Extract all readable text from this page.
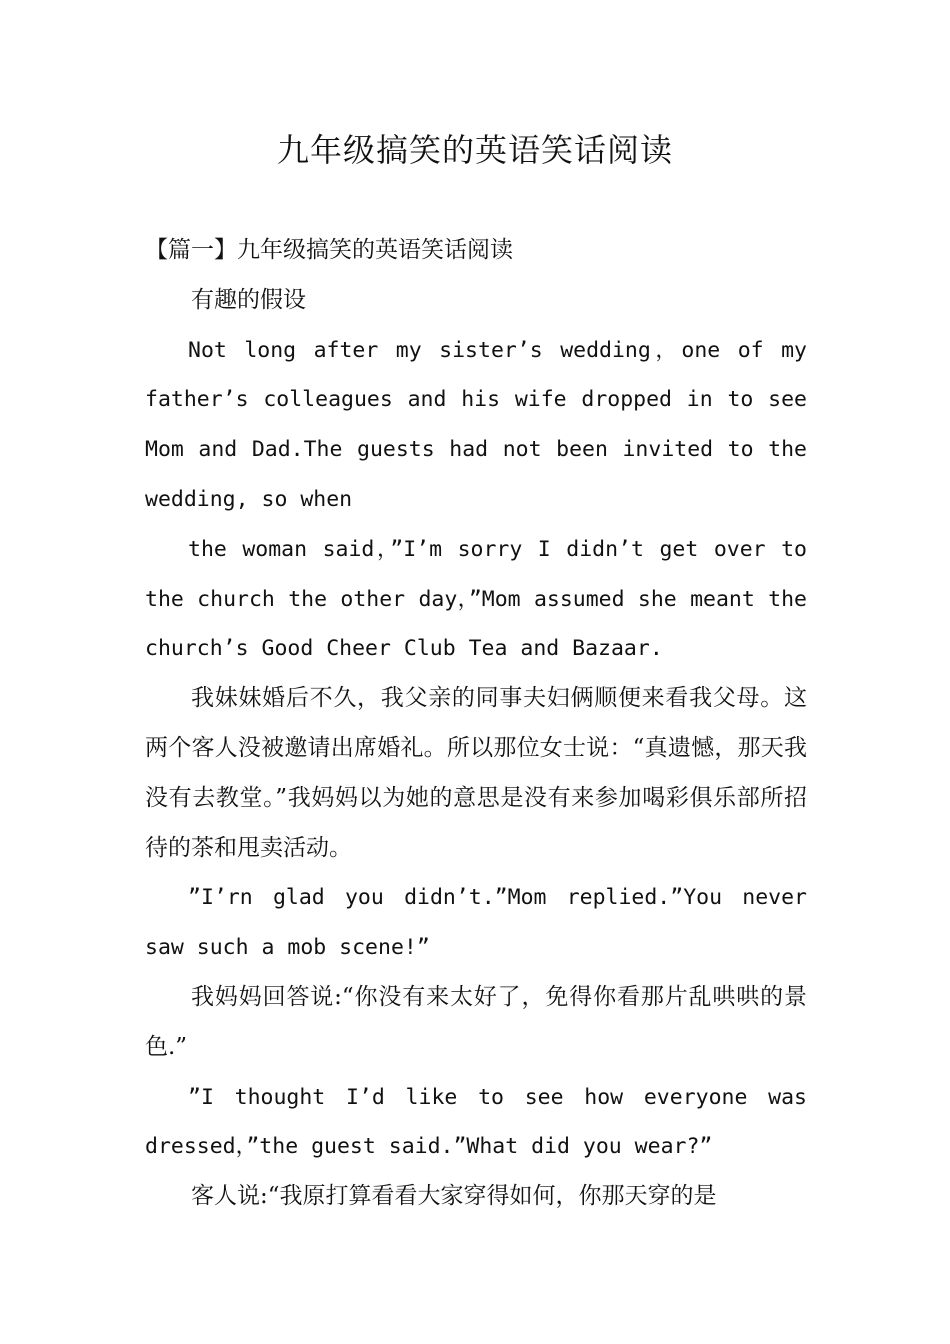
九年级搞笑的英语笑话阅读

【篇一】九年级搞笑的英语笑话阅读

有趣的假设

Not long after my sister’s wedding，one of my father’s colleagues and his wife dropped in to see Mom and Dad.The guests had not been invited to the wedding, so when

the woman said，”I’m sorry I didn’t get over to the church the other day，”Mom assumed she meant the church’s Good Cheer Club Tea and Bazaar.

我妹妹婚后不久，我父亲的同事夫妇俩顺便来看我父母。这两个客人没被邀请出席婚礼。所以那位女士说：“真遗憾，那天我没有去教堂。”我妈妈以为她的意思是没有来参加喝彩俱乐部所招待的茶和甩卖活动。

”I’rn glad you didn’t.”Mom replied.”You never saw such a mob scene!”

我妈妈回答说:“你没有来太好了，免得你看那片乱哄哄的景色.”

”I thought I’d like to see how everyone was dressed，”the guest said.”What did you wear?”

客人说:“我原打算看看大家穿得如何，你那天穿的是
